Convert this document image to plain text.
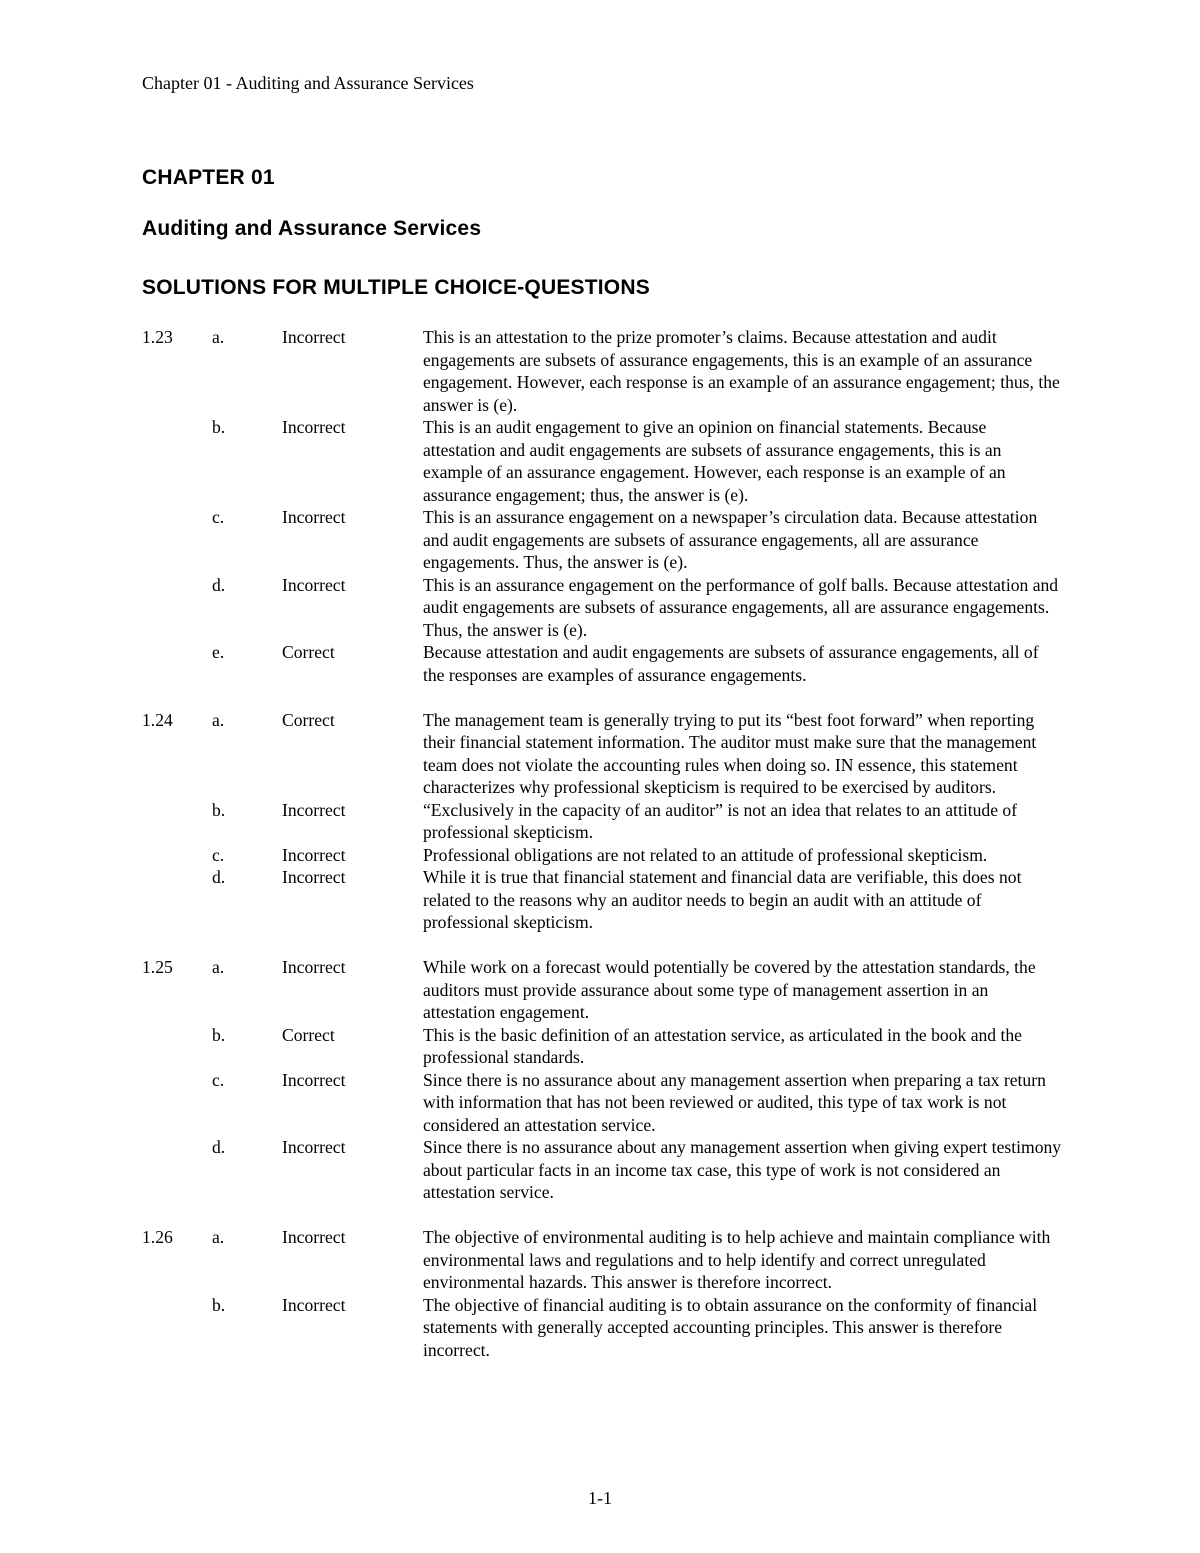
Chapter 01 - Auditing and Assurance Services
CHAPTER 01
Auditing and Assurance Services
SOLUTIONS FOR MULTIPLE CHOICE-QUESTIONS
1.23	a.	Incorrect	This is an attestation to the prize promoter’s claims. Because attestation and audit engagements are subsets of assurance engagements, this is an example of an assurance engagement. However, each response is an example of an assurance engagement; thus, the answer is (e).
b.	Incorrect	This is an audit engagement to give an opinion on financial statements. Because attestation and audit engagements are subsets of assurance engagements, this is an example of an assurance engagement. However, each response is an example of an assurance engagement; thus, the answer is (e).
c.	Incorrect	This is an assurance engagement on a newspaper’s circulation data. Because attestation and audit engagements are subsets of assurance engagements, all are assurance engagements. Thus, the answer is (e).
d.	Incorrect	This is an assurance engagement on the performance of golf balls. Because attestation and audit engagements are subsets of assurance engagements, all are assurance engagements. Thus, the answer is (e).
e.	Correct	Because attestation and audit engagements are subsets of assurance engagements, all of the responses are examples of assurance engagements.
1.24	a.	Correct	The management team is generally trying to put its “best foot forward” when reporting their financial statement information. The auditor must make sure that the management team does not violate the accounting rules when doing so. IN essence, this statement characterizes why professional skepticism is required to be exercised by auditors.
b.	Incorrect	“Exclusively in the capacity of an auditor” is not an idea that relates to an attitude of professional skepticism.
c.	Incorrect	Professional obligations are not related to an attitude of professional skepticism.
d.	Incorrect	While it is true that financial statement and financial data are verifiable, this does not related to the reasons why an auditor needs to begin an audit with an attitude of professional skepticism.
1.25	a.	Incorrect	While work on a forecast would potentially be covered by the attestation standards, the auditors must provide assurance about some type of management assertion in an attestation engagement.
b.	Correct	This is the basic definition of an attestation service, as articulated in the book and the professional standards.
c.	Incorrect	Since there is no assurance about any management assertion when preparing a tax return with information that has not been reviewed or audited, this type of tax work is not considered an attestation service.
d.	Incorrect	Since there is no assurance about any management assertion when giving expert testimony about particular facts in an income tax case, this type of work is not considered an attestation service.
1.26	a.	Incorrect	The objective of environmental auditing is to help achieve and maintain compliance with environmental laws and regulations and to help identify and correct unregulated environmental hazards. This answer is therefore incorrect.
b.	Incorrect	The objective of financial auditing is to obtain assurance on the conformity of financial statements with generally accepted accounting principles. This answer is therefore incorrect.
1-1
